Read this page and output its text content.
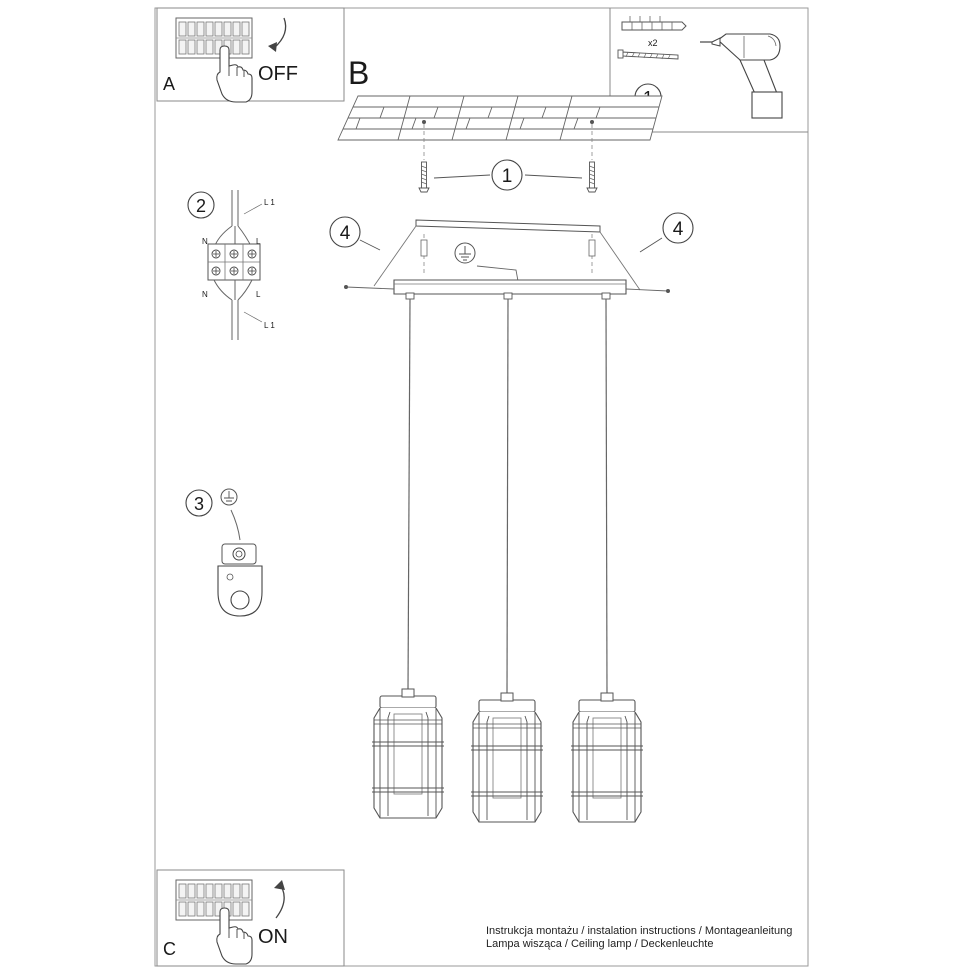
A	OFF
C
ON
x2
B
1
4	4
2	L 1
N	L
N	L
L 1
3
Instrukcja montażu / instalation instructions / Montageanleitung
Lampa wisząca / Ceiling lamp / Deckenleuchte
